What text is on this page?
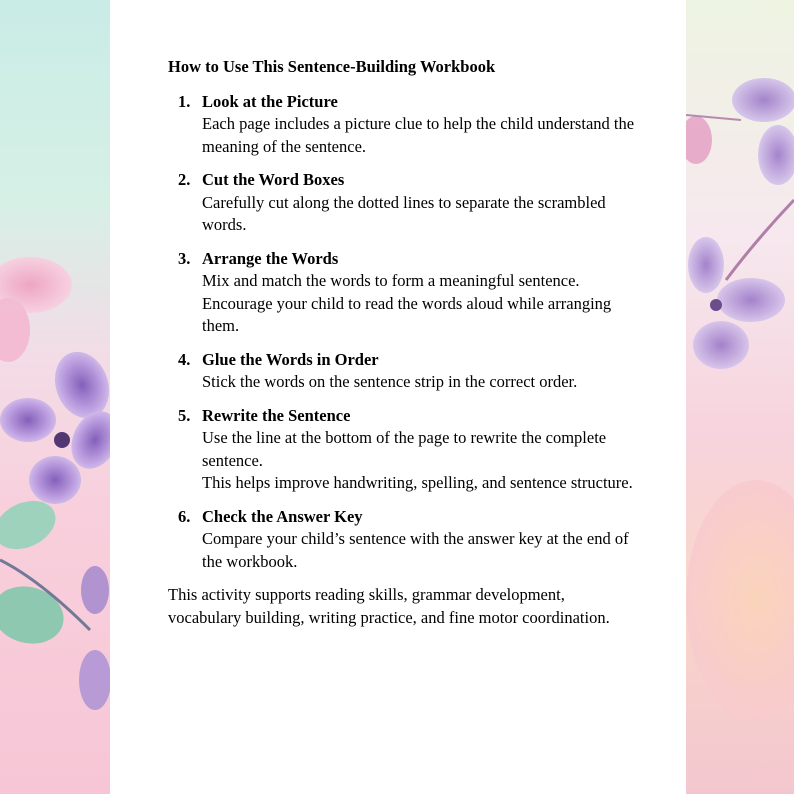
How to Use This Sentence-Building Workbook
1. Look at the Picture
Each page includes a picture clue to help the child understand the meaning of the sentence.
2. Cut the Word Boxes
Carefully cut along the dotted lines to separate the scrambled words.
3. Arrange the Words
Mix and match the words to form a meaningful sentence.
Encourage your child to read the words aloud while arranging them.
4. Glue the Words in Order
Stick the words on the sentence strip in the correct order.
5. Rewrite the Sentence
Use the line at the bottom of the page to rewrite the complete sentence.
This helps improve handwriting, spelling, and sentence structure.
6. Check the Answer Key
Compare your child’s sentence with the answer key at the end of the workbook.
This activity supports reading skills, grammar development, vocabulary building, writing practice, and fine motor coordination.
